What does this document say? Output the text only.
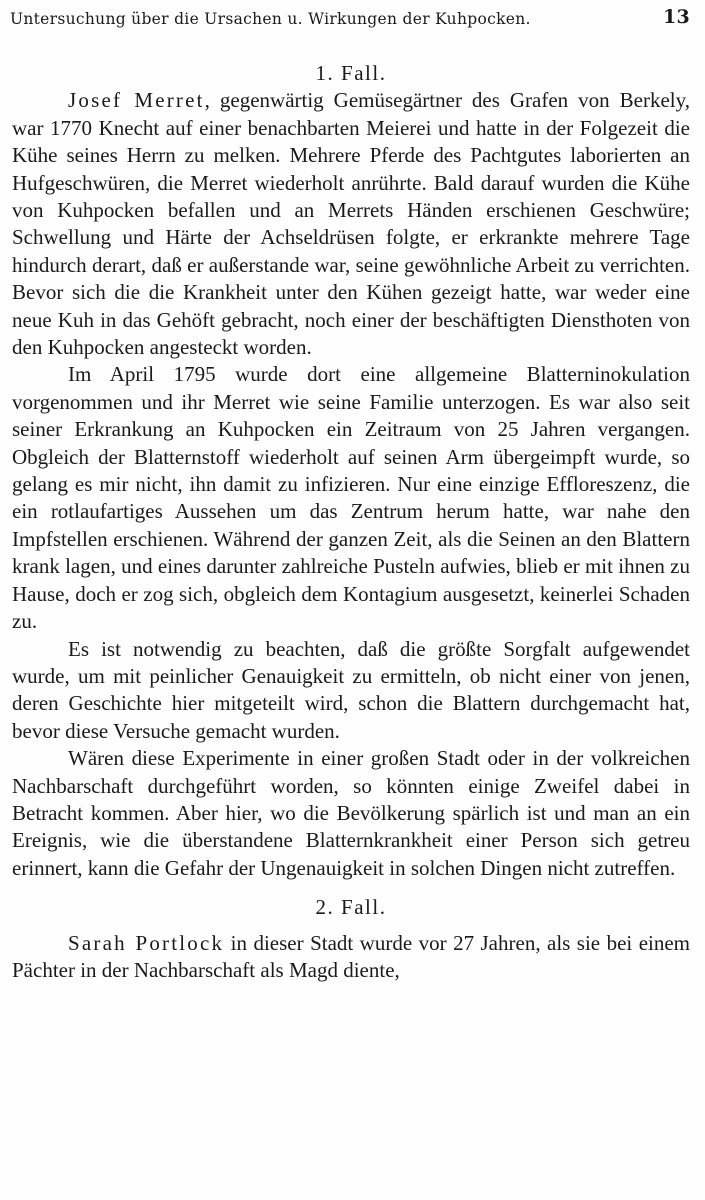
Untersuchung über die Ursachen u. Wirkungen der Kuhpocken.	13
1. Fall.

Josef Merret, gegenwärtig Gemüsegärtner des Grafen von Berkely, war 1770 Knecht auf einer benachbarten Meierei und hatte in der Folgezeit die Kühe seines Herrn zu melken. Mehrere Pferde des Pachtgutes laborierten an Hufgeschwüren, die Merret wiederholt anrührte. Bald darauf wurden die Kühe von Kuhpocken befallen und an Merrets Händen erschienen Geschwüre; Schwellung und Härte der Achseldrüsen folgte, er erkrankte mehrere Tage hindurch derart, daß er außerstande war, seine gewöhnliche Arbeit zu verrichten. Bevor sich die die Krankheit unter den Kühen gezeigt hatte, war weder eine neue Kuh in das Gehöft gebracht, noch einer der beschäftigten Diensthoten von den Kuhpocken angesteckt worden.

Im April 1795 wurde dort eine allgemeine Blatterninokulation vorgenommen und ihr Merret wie seine Familie unterzogen. Es war also seit seiner Erkrankung an Kuhpocken ein Zeitraum von 25 Jahren vergangen. Obgleich der Blatternstoff wiederholt auf seinen Arm übergeimpft wurde, so gelang es mir nicht, ihn damit zu infizieren. Nur eine einzige Effloreszenz, die ein rotlaufartiges Aussehen um das Zentrum herum hatte, war nahe den Impfstellen erschienen. Während der ganzen Zeit, als die Seinen an den Blattern krank lagen, und eines darunter zahlreiche Pusteln aufwies, blieb er mit ihnen zu Hause, doch er zog sich, obgleich dem Kontagium ausgesetzt, keinerlei Schaden zu.

Es ist notwendig zu beachten, daß die größte Sorgfalt aufgewendet wurde, um mit peinlicher Genauigkeit zu ermitteln, ob nicht einer von jenen, deren Geschichte hier mitgeteilt wird, schon die Blattern durchgemacht hat, bevor diese Versuche gemacht wurden.

Wären diese Experimente in einer großen Stadt oder in der volkreichen Nachbarschaft durchgeführt worden, so könnten einige Zweifel dabei in Betracht kommen. Aber hier, wo die Bevölkerung spärlich ist und man an ein Ereignis, wie die überstandene Blatternkrankheit einer Person sich getreu erinnert, kann die Gefahr der Ungenauigkeit in solchen Dingen nicht zutreffen.

2. Fall.

Sarah Portlock in dieser Stadt wurde vor 27 Jahren, als sie bei einem Pächter in der Nachbarschaft als Magd diente,
